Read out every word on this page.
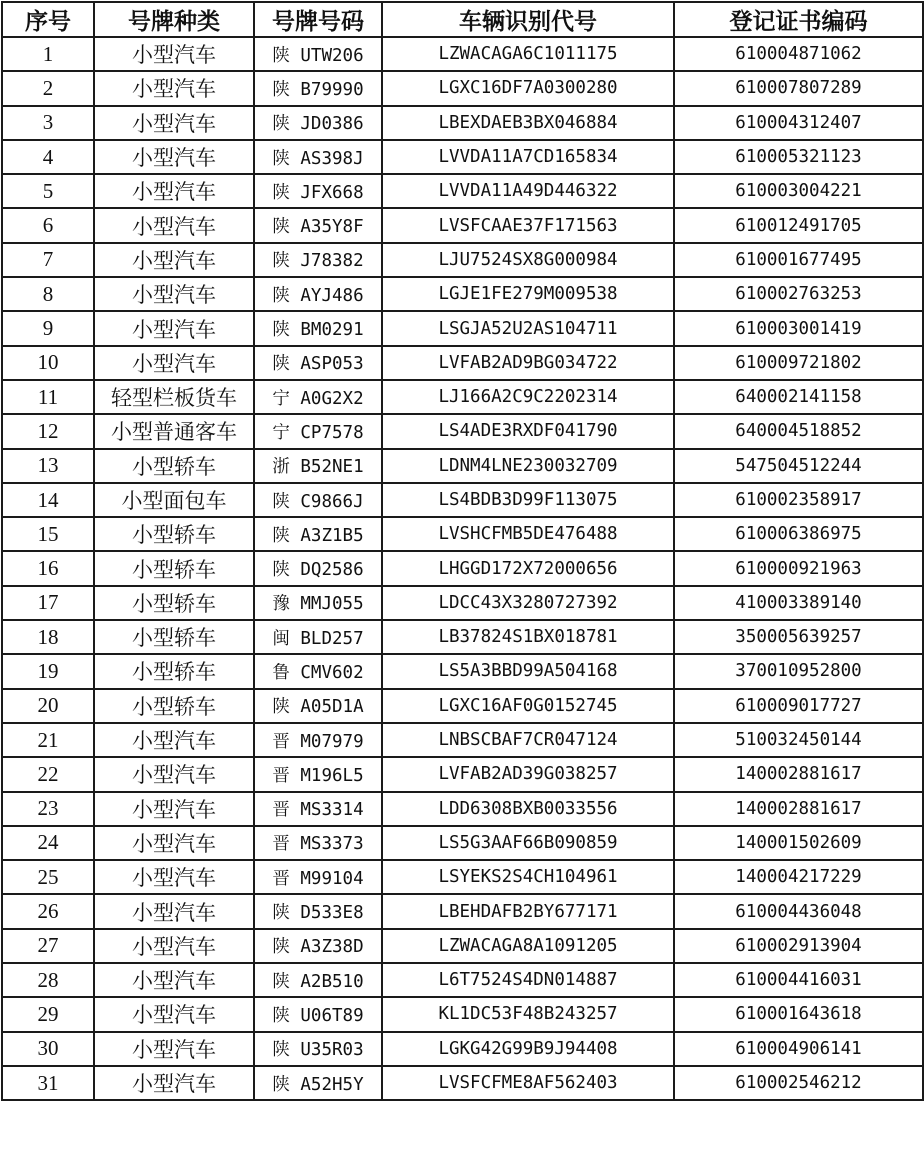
序号	号牌种类	号牌号码	车辆识别代号	登记证书编码
1	小型汽车	陕 UTW206	LZWACAGA6C1011175	610004871062
2	小型汽车	陕 B79990	LGXC16DF7A0300280	610007807289
3	小型汽车	陕 JD0386	LBEXDAEB3BX046884	610004312407
4	小型汽车	陕 AS398J	LVVDA11A7CD165834	610005321123
5	小型汽车	陕 JFX668	LVVDA11A49D446322	610003004221
6	小型汽车	陕 A35Y8F	LVSFCAAE37F171563	610012491705
7	小型汽车	陕 J78382	LJU7524SX8G000984	610001677495
8	小型汽车	陕 AYJ486	LGJE1FE279M009538	610002763253
9	小型汽车	陕 BM0291	LSGJA52U2AS104711	610003001419
10	小型汽车	陕 ASP053	LVFAB2AD9BG034722	610009721802
11	轻型栏板货车	宁 A0G2X2	LJ166A2C9C2202314	640002141158
12	小型普通客车	宁 CP7578	LS4ADE3RXDF041790	640004518852
13	小型轿车	浙 B52NE1	LDNM4LNE230032709	547504512244
14	小型面包车	陕 C9866J	LS4BDB3D99F113075	610002358917
15	小型轿车	陕 A3Z1B5	LVSHCFMB5DE476488	610006386975
16	小型轿车	陕 DQ2586	LHGGD172X72000656	610000921963
17	小型轿车	豫 MMJ055	LDCC43X3280727392	410003389140
18	小型轿车	闽 BLD257	LB37824S1BX018781	350005639257
19	小型轿车	鲁 CMV602	LS5A3BBD99A504168	370010952800
20	小型轿车	陕 A05D1A	LGXC16AF0G0152745	610009017727
21	小型汽车	晋 M07979	LNBSCBAF7CR047124	510032450144
22	小型汽车	晋 M196L5	LVFAB2AD39G038257	140002881617
23	小型汽车	晋 MS3314	LDD6308BXB0033556	140002881617
24	小型汽车	晋 MS3373	LS5G3AAF66B090859	140001502609
25	小型汽车	晋 M99104	LSYEKS2S4CH104961	140004217229
26	小型汽车	陕 D533E8	LBEHDAFB2BY677171	610004436048
27	小型汽车	陕 A3Z38D	LZWACAGA8A1091205	610002913904
28	小型汽车	陕 A2B510	L6T7524S4DN014887	610004416031
29	小型汽车	陕 U06T89	KL1DC53F48B243257	610001643618
30	小型汽车	陕 U35R03	LGKG42G99B9J94408	610004906141
31	小型汽车	陕 A52H5Y	LVSFCFME8AF562403	610002546212
